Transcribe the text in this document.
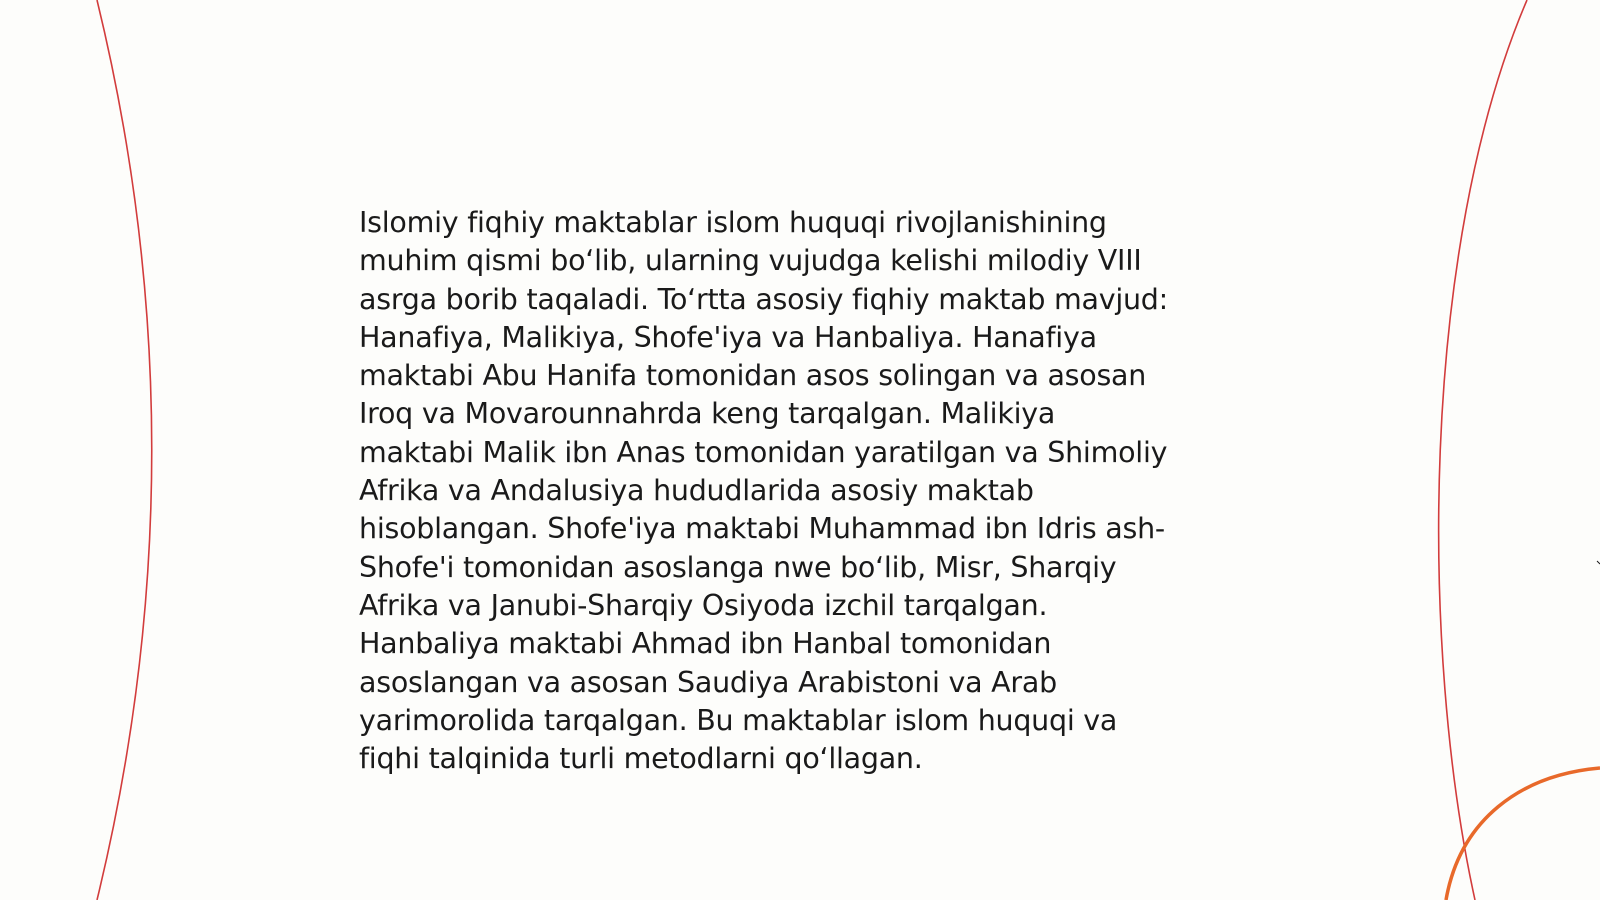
Islomiy fiqhiy maktablar islom huquqi rivojlanishining
muhim qismi boʻlib, ularning vujudga kelishi milodiy VIII
asrga borib taqaladi. Toʻrtta asosiy fiqhiy maktab mavjud:
Hanafiya, Malikiya, Shofe'iya va Hanbaliya. Hanafiya
maktabi Abu Hanifa tomonidan asos solingan va asosan
Iroq va Movarounnahrda keng tarqalgan. Malikiya
maktabi Malik ibn Anas tomonidan yaratilgan va Shimoliy
Afrika va Andalusiya hududlarida asosiy maktab
hisoblangan. Shofe'iya maktabi Muhammad ibn Idris ash-
Shofe'i tomonidan asoslanga nwe boʻlib, Misr, Sharqiy
Afrika va Janubi-Sharqiy Osiyoda izchil tarqalgan.
Hanbaliya maktabi Ahmad ibn Hanbal tomonidan
asoslangan va asosan Saudiya Arabistoni va Arab
yarimorolida tarqalgan. Bu maktablar islom huquqi va
fiqhi talqinida turli metodlarni qoʻllagan.
